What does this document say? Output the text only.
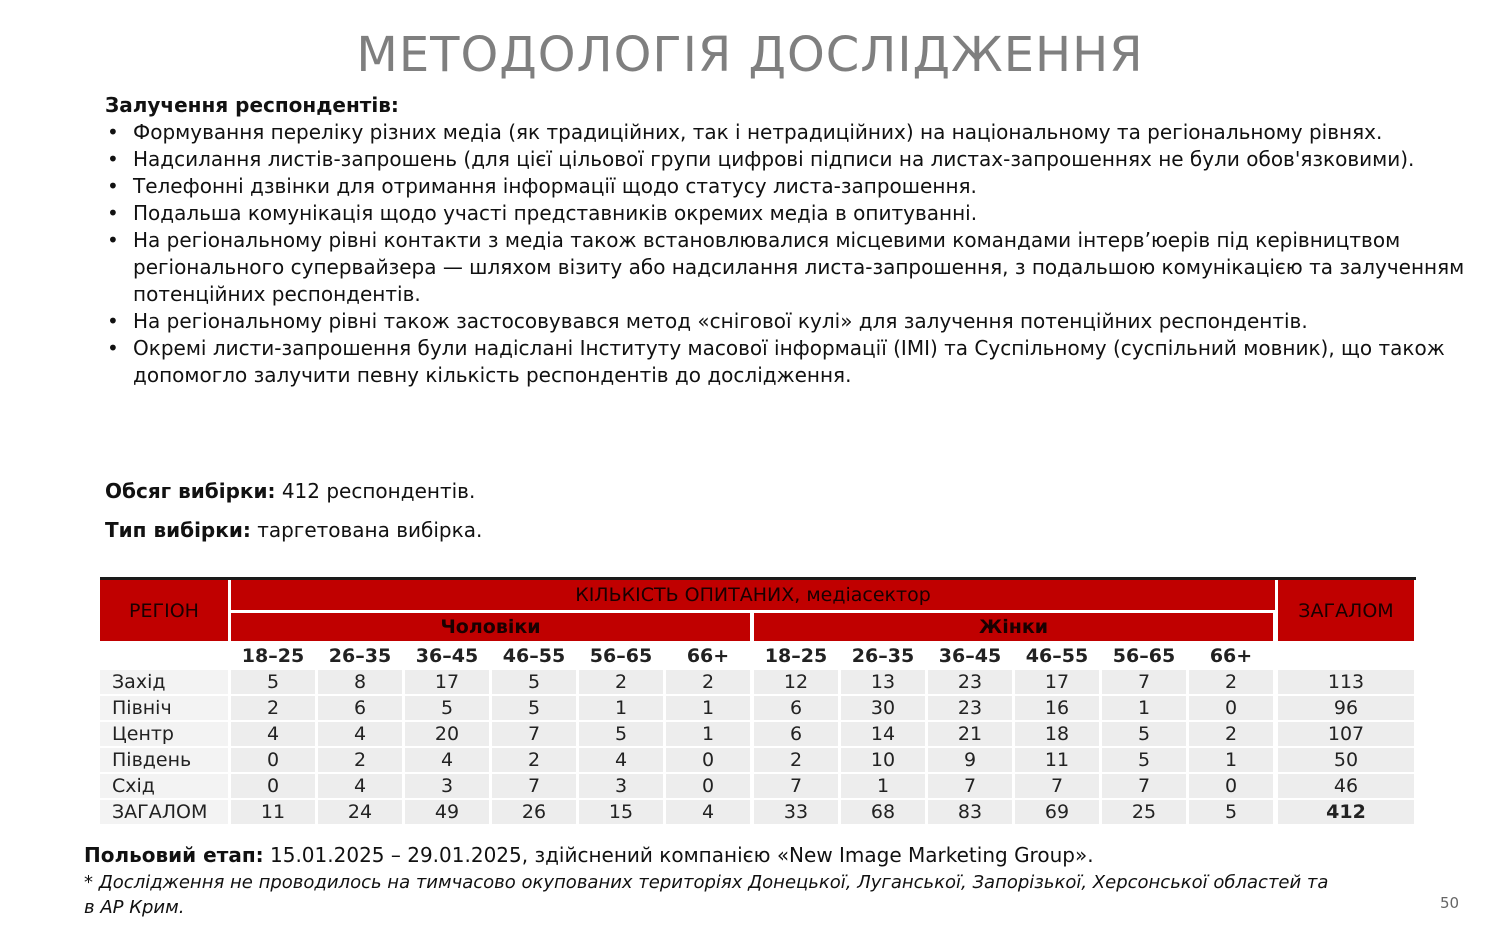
МЕТОДОЛОГІЯ ДОСЛІДЖЕННЯ
Залучення респондентів:
• Формування переліку різних медіа (як традиційних, так і нетрадиційних) на національному та регіональному рівнях.
• Надсилання листів-запрошень (для цієї цільової групи цифрові підписи на листах-запрошеннях не були обов'язковими).
• Телефонні дзвінки для отримання інформації щодо статусу листа-запрошення.
• Подальша комунікація щодо участі представників окремих медіа в опитуванні.
• На регіональному рівні контакти з медіа також встановлювалися місцевими командами інтерв’юерів під керівництвом регіонального супервайзера — шляхом візиту або надсилання листа-запрошення, з подальшою комунікацією та залученням потенційних респондентів.
• На регіональному рівні також застосовувався метод «снігової кулі» для залучення потенційних респондентів.
• Окремі листи-запрошення були надіслані Інституту масової інформації (IMI) та Суспільному (суспільний мовник), що також допомогло залучити певну кількість респондентів до дослідження.
Обсяг вибірки: 412 респондентів.
Тип вибірки: таргетована вибірка.
РЕГІОН
КІЛЬКІСТЬ ОПИТАНИХ, медіасектор
ЗАГАЛОМ
Чоловіки	Жінки
18–25	26–35	36–45	46–55	56–65	66+	18–25	26–35	36–45	46–55	56–65	66+
Захід	5	8	17	5	2	2	12	13	23	17	7	2	113
Північ	2	6	5	5	1	1	6	30	23	16	1	0	96
Центр	4	4	20	7	5	1	6	14	21	18	5	2	107
Південь	0	2	4	2	4	0	2	10	9	11	5	1	50
Схід	0	4	3	7	3	0	7	1	7	7	7	0	46
ЗАГАЛОМ	11	24	49	26	15	4	33	68	83	69	25	5	412
Польовий етап: 15.01.2025 – 29.01.2025, здійснений компанією «New Image Marketing Group».
* Дослідження не проводилось на тимчасово окупованих територіях Донецької, Луганської, Запорізької, Херсонської областей та в АР Крим.	50
